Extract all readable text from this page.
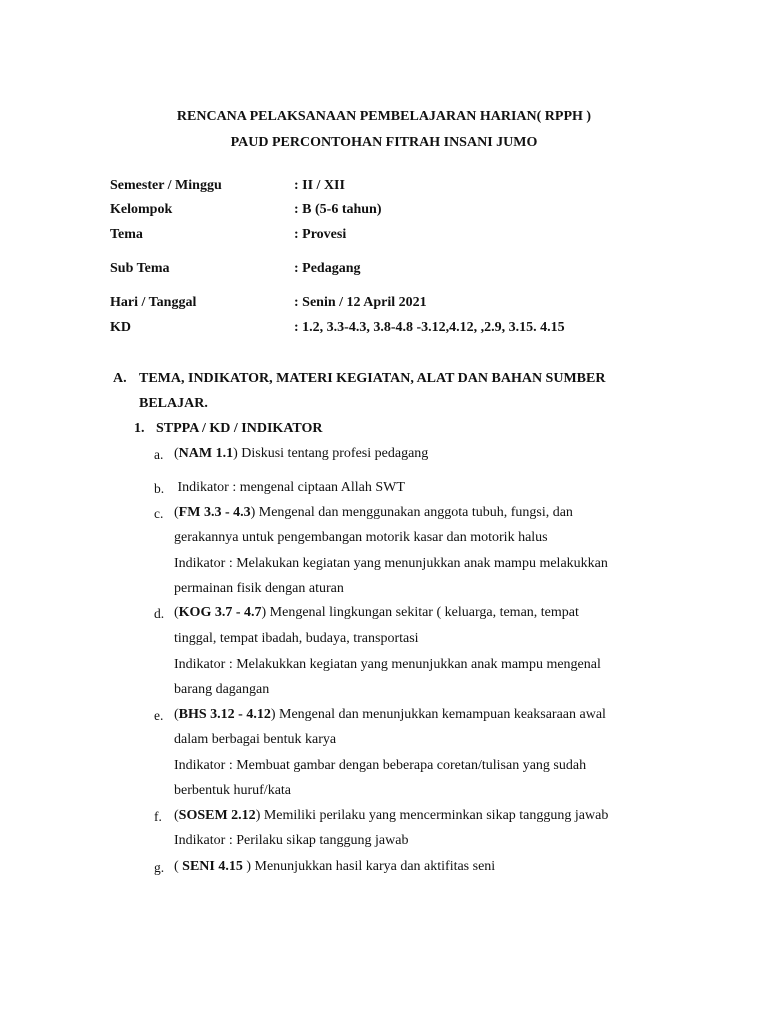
RENCANA PELAKSANAAN PEMBELAJARAN HARIAN( RPPH )
PAUD PERCONTOHAN FITRAH INSANI JUMO
Semester / Minggu	: II / XII
Kelompok	: B (5-6 tahun)
Tema	: Provesi
Sub Tema	: Pedagang
Hari / Tanggal	: Senin / 12 April 2021
KD	: 1.2, 3.3-4.3, 3.8-4.8 -3.12,4.12, ,2.9, 3.15. 4.15
A. TEMA, INDIKATOR, MATERI KEGIATAN, ALAT DAN BAHAN SUMBER
BELAJAR.
1. STPPA / KD / INDIKATOR
a. (NAM 1.1) Diskusi tentang profesi pedagang
b. Indikator : mengenal ciptaan Allah SWT
c. (FM 3.3 - 4.3) Mengenal dan menggunakan anggota tubuh, fungsi, dan
gerakannya untuk pengembangan motorik kasar dan motorik halus
Indikator : Melakukan kegiatan yang menunjukkan anak mampu melakukkan
permainan fisik dengan aturan
d. (KOG 3.7 - 4.7) Mengenal lingkungan sekitar ( keluarga, teman, tempat
tinggal, tempat ibadah, budaya, transportasi
Indikator : Melakukkan kegiatan yang menunjukkan anak mampu mengenal
barang dagangan
e. (BHS 3.12 - 4.12) Mengenal dan menunjukkan kemampuan keaksaraan awal
dalam berbagai bentuk karya
Indikator : Membuat gambar dengan beberapa coretan/tulisan yang sudah
berbentuk huruf/kata
f. (SOSEM 2.12) Memiliki perilaku yang mencerminkan sikap tanggung jawab
Indikator : Perilaku sikap tanggung jawab
g. ( SENI 4.15 ) Menunjukkan hasil karya dan aktifitas seni
